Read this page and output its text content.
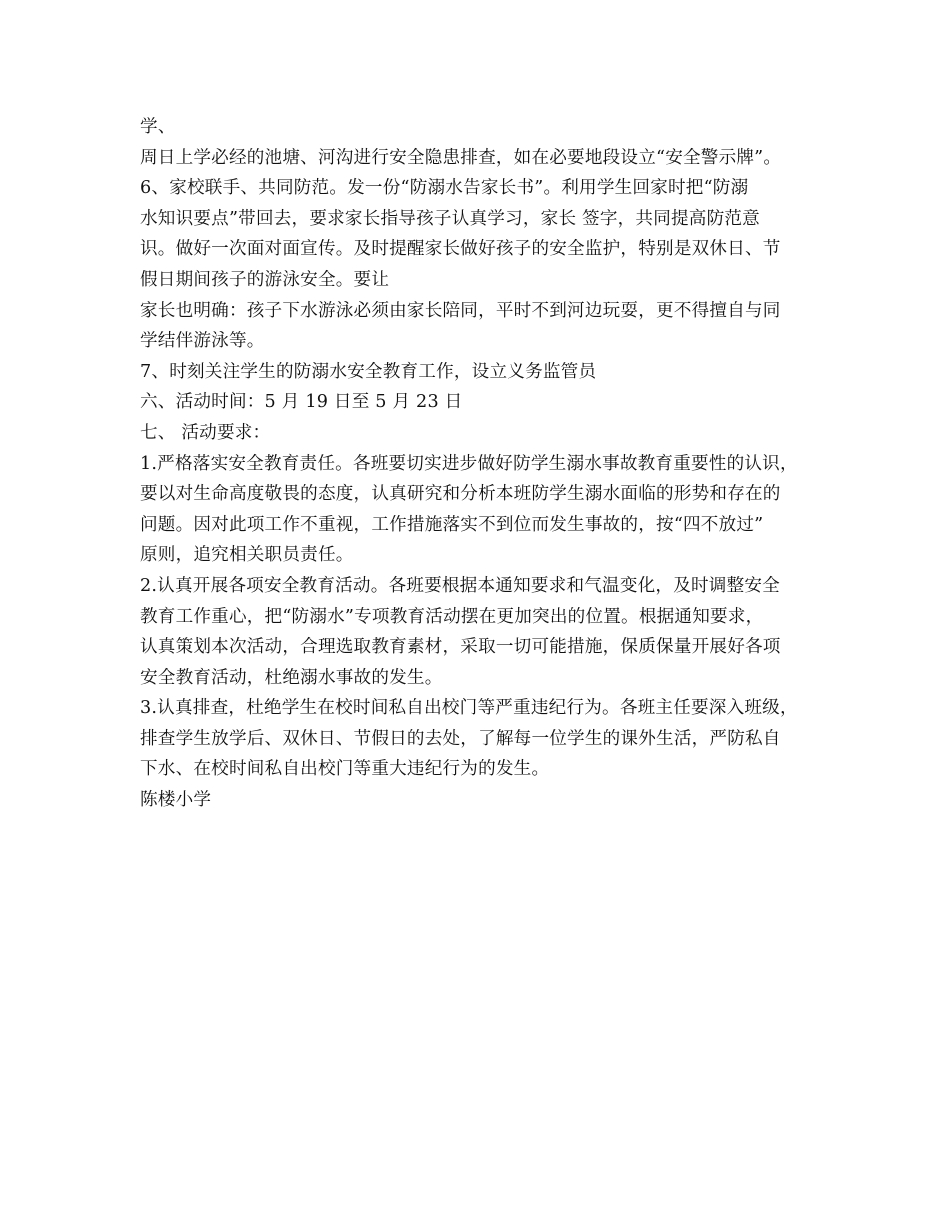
学、
周日上学必经的池塘、河沟进行安全隐患排查，如在必要地段设立“安全警示牌”。
6、家校联手、共同防范。发一份“防溺水告家长书”。利用学生回家时把“防溺
水知识要点”带回去，要求家长指导孩子认真学习，家长 签字，共同提高防范意
识。做好一次面对面宣传。及时提醒家长做好孩子的安全监护，特别是双休日、节
假日期间孩子的游泳安全。要让
家长也明确：孩子下水游泳必须由家长陪同，平时不到河边玩耍，更不得擅自与同
学结伴游泳等。
7、时刻关注学生的防溺水安全教育工作，设立义务监管员
六、活动时间：5 月 19 日至 5 月 23 日
七、 活动要求：
1.严格落实安全教育责任。各班要切实进步做好防学生溺水事故教育重要性的认识，
要以对生命高度敬畏的态度，认真研究和分析本班防学生溺水面临的形势和存在的
问题。因对此项工作不重视，工作措施落实不到位而发生事故的，按“四不放过”
原则，追究相关职员责任。
2.认真开展各项安全教育活动。各班要根据本通知要求和气温变化，及时调整安全
教育工作重心，把“防溺水”专项教育活动摆在更加突出的位置。根据通知要求，
认真策划本次活动，合理选取教育素材，采取一切可能措施，保质保量开展好各项
安全教育活动，杜绝溺水事故的发生。
3.认真排查，杜绝学生在校时间私自出校门等严重违纪行为。各班主任要深入班级，
排查学生放学后、双休日、节假日的去处，了解每一位学生的课外生活，严防私自
下水、在校时间私自出校门等重大违纪行为的发生。
陈楼小学
